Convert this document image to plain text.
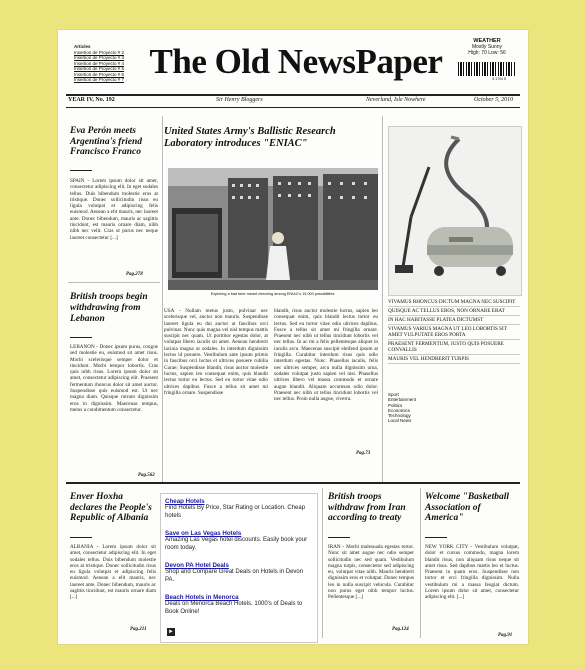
Articles
Insertion de Proyecto # 2
Insertion de Proyecto # 3
Insertion de Proyecto # 4
Insertion de Proyecto # 5
Insertion de Proyecto # 6
Insertion de Proyecto # 7 The Old NewsPaper
WEATHER
Mostly Sunny
High: 70 Low: 56
5 1704 5
YEAR IV, No. 192	Sir Henry Bloggers	Neverland, Isle Nowhere	October 5, 2010
Eva Perón meets Argentina's friend Francisco Franco
SPAIN - Lorem ipsum dolor sit amet, consectetur adipiscing elit. In eget sodales tellus. Duis bibendum molestie eros at tristique. Donec sollicitudin risus eu ligula volutpat et adipiscing felis euismod. Aenean a elit mauris, nec laoreet ante. Donec bibendum, mauris ac sagittis tincidunt, est mauris ornare diam, nibh nibh nec velit. Cras ut purus nec neque laoreet consectetur [...]
Pag.278
British troops begin withdrawing from Lebanon
LEBANON - Donec ipsum purus, congue sed molestie eu, euismod sit amet risus. Morbi scelerisque semper dolor et tincidunt. Morbi tempor lobortis. Cras quis nibh risus. Lorem ipsum dolor sit amet, consectetur adipiscing elit. Praesent fermentum rhoncus dolor sit amet auctor. Suspendisse quis euismod est. Ut nec magna diam. Quisque rutrum dignissim eros in dignissim. Maecenas tempus, metus a condimentum consectetur.
Pag.562
United States Army's Ballistic Research Laboratory introduces "ENIAC"
Exploring a bad tube meant checking among ENIAC's 19,000 possibilities.
USA - Nullam metus justo, pulvinar nec scelerisque vel, auctor non mauris. Suspendisse laoreet ligula eu dui auctor at faucibus orci pulvinar. Nunc quis magna vel nisl tempus mattis suscipit nec quam. Ut porttitor egestas dolor, at volutpat libero iaculis sit amet. Aenean hendrerit lacinia magna ut sodales. In interdum dignissim lectus id posuere. Vestibulum ante ipsum primis in faucibus orci luctus et ultrices posuere cubilia Curae; Suspendisse blandit, risus auctor molestie luctus, sapien leo consequat enim, quis blandit lectus tortor eu lectus. Sed eu tortor vitae odio ultrices dapibus. Fusce a tellus sit amet mi fringilla ornare. Suspendisse
blandit, risus auctor molestie luctus, sapien leo consequat enim, quis blandit lectus tortor eu lectus. Sed eu tortor vitae odio ultrices dapibus. Fusce a tellus sit amet mi fringilla ornare. Praesent nec nibh ut tellus tincidunt lobortis vel nec tellus. In ac mi a felis pellentesque aliquet in iaculis arcu. Maecenas suscipit eleifend ipsum at fringilla. Curabitur interdum risus quis odio interdum egestas. Nunc. Phasellus iaculis, felis nec ultrices semper, arcu nulla dignissim urna, sodales volutpat justo sapien vel nisi. Phasellus ultrices libero vel massa commodo et ornare augue blandit. Aliquam accumsan odio dolor. Praesent nec nibh ut tellus tincidunt lobortis vel nec tellus. Proin nulla augue, viverra.
Pag.73
VIVAMUS RHONCUS DICTUM MAGNA NEC SUSCIPIT
QUISQUE AC TELLUS EROS, NON ORNARE ERAT
IN HAC HABITASSE PLATEA DICTUMST
VIVAMUS VARIUS MAGNA UT LEO LOBORTIS SIT AMET VULPUTATE EROS PORTA
PRAESENT FERMENTUM, JUSTO QUIS POSUERE CONVALLIS
MAURIS VEL HENDRERIT TURPIS
Sport
Entertainment
Politics
Economics
Technology
Local News
Enver Hoxha declares the People's Republic of Albania
ALBANIA - Lorem ipsum dolor sit amet, consectetur adipiscing elit. In eget sodales tellus. Duis bibendum molestie eros at tristique. Donec sollicitudin risus eu ligula volutpat et adipiscing felis euismod. Aenean a elit mauris, nec laoreet ante. Donec bibendum, mauris ac sagittis tincidunt, est mauris ornare diam [...]
Pag.211
Cheap Hotels
Find Hotels By Price, Star Rating or Location. Cheap hotels
Save on Las Vegas Hotels
Amazing Las Vegas hotel discounts. Easily book your room today.
Devon PA Hotel Deals
Shop and Compare Great Deals on Hotels in Devon PA.
Beach Hotels in Menorca
Deals on Menorca Beach Hotels. 1000's of Deals to Book Online!
►
British troops withdraw from Iran according to treaty
IRAN - Morbi malesuada egestas tortor. Nunc sit amet augue nec odio semper sollicitudin nec sed quam. Vestibulum magna turpis, consectetur sed adipiscing eu, volutpat vitae nibh. Mauris hendrerit dignissim eros et volutpat. Donec tempus leo in nulla suscipit vehicula. Curabitur non purus eget nibh tempor luctus. Pellentesque [...]
Pag.124
Welcome "Basketball Association of America"
NEW YORK CITY - Vestibulum volutpat, dolor et cursus commodo, magna lorem blandit risus, non aliquam risus neque sit amet risus. Sed dapibus mattis leo et luctus. Praesent in quam eros. Suspendisse non tortor et orci fringilla dignissim. Nulla vestibulum mi a massa feugiat dictum. Lorem ipsum dolor sit amet, consectetur adipiscing elit. [...]
Pag.91
